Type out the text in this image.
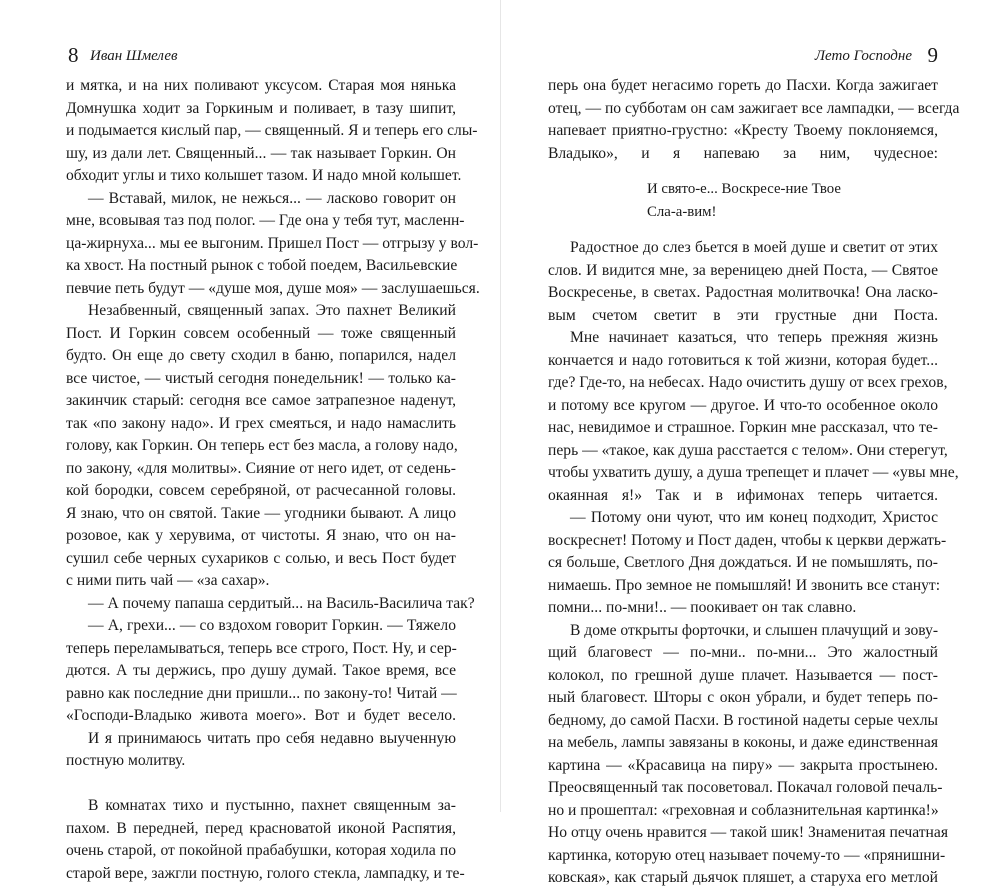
8 Иван Шмелев
и мятка, и на них поливают уксусом. Старая моя нянька
Домнушка ходит за Горкиным и поливает, в тазу шипит,
и подымается кислый пар, — священный. Я и теперь его слы-
шу, из дали лет. Священный... — так называет Горкин. Он
обходит углы и тихо колышет тазом. И надо мной колышет.
— Вставай, милок, не нежься... — ласково говорит он
мне, всовывая таз под полог. — Где она у тебя тут, масленн-
ца-жирнуха... мы ее выгоним. Пришел Пост — отгрызу у вол-
ка хвост. На постный рынок с тобой поедем, Васильевские
певчие петь будут — «душе моя, душе моя» — заслушаешься.
Незабвенный, священный запах. Это пахнет Великий
Пост. И Горкин совсем особенный — тоже священный
будто. Он еще до свету сходил в баню, попарился, надел
все чистое, — чистый сегодня понедельник! — только ка-
закинчик старый: сегодня все самое затрапезное наденут,
так «по закону надо». И грех смеяться, и надо намаслить
голову, как Горкин. Он теперь ест без масла, а голову надо,
по закону, «для молитвы». Сияние от него идет, от седень-
кой бородки, совсем серебряной, от расчесанной головы.
Я знаю, что он святой. Такие — угодники бывают. А лицо
розовое, как у херувима, от чистоты. Я знаю, что он на-
сушил себе черных сухариков с солью, и весь Пост будет
с ними пить чай — «за сахар».
— А почему папаша сердитый... на Василь-Василича так?
— А, грехи... — со вздохом говорит Горкин. — Тяжело
теперь переламываться, теперь все строго, Пост. Ну, и сер-
дются. А ты держись, про душу думай. Такое время, все
равно как последние дни пришли... по закону-то! Читай —
«Господи-Владыко живота моего». Вот и будет весело.
И я принимаюсь читать про себя недавно выученную
постную молитву.
В комнатах тихо и пустынно, пахнет священным за-
пахом. В передней, перед красноватой иконой Распятия,
очень старой, от покойной прабабушки, которая ходила по
старой вере, зажгли постную, голого стекла, лампадку, и те-
Лето Господне 9
перь она будет негасимо гореть до Пасхи. Когда зажигает
отец, — по субботам он сам зажигает все лампадки, — всегда
напевает приятно-грустно: «Кресту Твоему поклоняемся,
Владыко», и я напеваю за ним, чудесное:
И свято-е... Воскресе-ние Твое
Сла-а-вим!
Радостное до слез бьется в моей душе и светит от этих
слов. И видится мне, за вереницею дней Поста, — Святое
Воскресенье, в светах. Радостная молитвочка! Она ласко-
вым счетом светит в эти грустные дни Поста.
Мне начинает казаться, что теперь прежняя жизнь
кончается и надо готовиться к той жизни, которая будет...
где? Где-то, на небесах. Надо очистить душу от всех грехов,
и потому все кругом — другое. И что-то особенное около
нас, невидимое и страшное. Горкин мне рассказал, что те-
перь — «такое, как душа расстается с телом». Они стерегут,
чтобы ухватить душу, а душа трепещет и плачет — «увы мне,
окаянная я!» Так и в ифимонах теперь читается.
— Потому они чуют, что им конец подходит, Христос
воскреснет! Потому и Пост даден, чтобы к церкви держать-
ся больше, Светлого Дня дождаться. И не помышлять, по-
нимаешь. Про земное не помышляй! И звонить все станут:
помни... по-мни!.. — поокивает он так славно.
В доме открыты форточки, и слышен плачущий и зову-
щий благовест — по-мни.. по-мни... Это жалостный
колокол, по грешной душе плачет. Называется — пост-
ный благовест. Шторы с окон убрали, и будет теперь по-
бедному, до самой Пасхи. В гостиной надеты серые чехлы
на мебель, лампы завязаны в коконы, и даже единственная
картина — «Красавица на пиру» — закрыта простынею.
Преосвященный так посоветовал. Покачал головой печаль-
но и прошептал: «греховная и соблазнительная картинка!»
Но отцу очень нравится — такой шик! Знаменитая печатная
картинка, которую отец называет почему-то — «прянишни-
ковская», как старый дьячок пляшет, а старуха его метлой
